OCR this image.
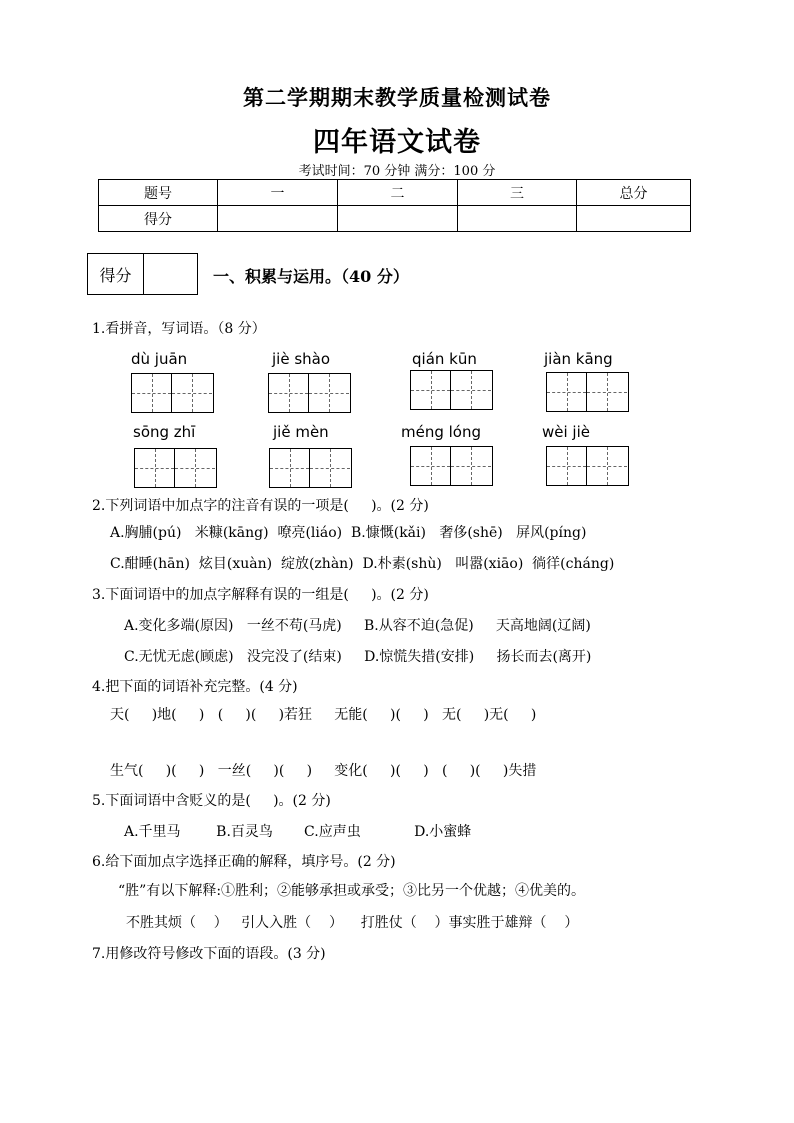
第二学期期末教学质量检测试卷
四年语文试卷
考试时间：70 分钟 满分：100 分
题号	一	二	三	总分
得分				
得分	一、积累与运用。（40 分）
1.看拼音，写词语。（8 分）
dù juān	jiè shào	qián kūn	jiàn kāng
sōng zhī	jiě mèn	méng lóng	wèi jiè
2.下列词语中加点字的注音有误的一项是(     )。(2 分)
A.胸脯(pú)   米糠(kāng)  嘹亮(liáo)  B.慷慨(kǎi)   奢侈(shē)   屏风(píng)
C.酣睡(hān)  炫目(xuàn)  绽放(zhàn)  D.朴素(shù)   叫嚣(xiāo)  徜徉(cháng)
3.下面词语中的加点字解释有误的一组是(     )。(2 分)
A.变化多端(原因)   一丝不苟(马虎)     B.从容不迫(急促)     天高地阔(辽阔)
C.无忧无虑(顾虑)   没完没了(结束)     D.惊慌失措(安排)     扬长而去(离开)
4.把下面的词语补充完整。(4 分)
天(     )地(     )   (     )(     )若狂     无能(     )(     )   无(     )无(     )
生气(     )(     )   一丝(     )(     )     变化(     )(     )   (     )(     )失措
5.下面词语中含贬义的是(     )。(2 分)
A.千里马        B.百灵鸟       C.应声虫            D.小蜜蜂
6.给下面加点字选择正确的解释，填序号。(2 分)
“胜”有以下解释:①胜利；②能够承担或承受；③比另一个优越；④优美的。
不胜其烦（    ）   引人入胜（    ）    打胜仗（    ）事实胜于雄辩（    ）
7.用修改符号修改下面的语段。(3 分)
